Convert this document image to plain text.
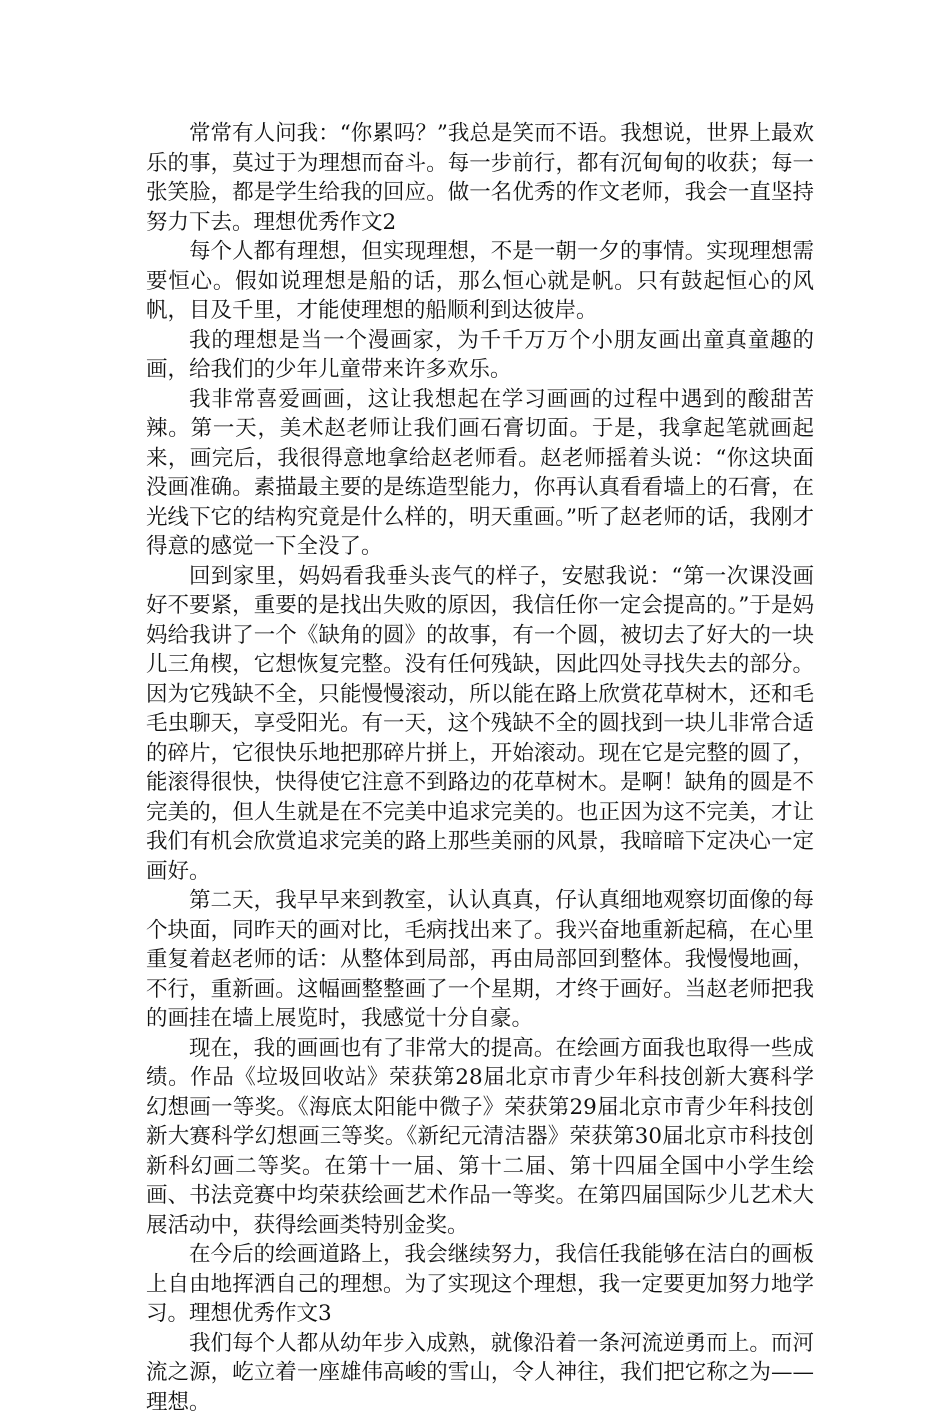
常常有人问我：“你累吗？”我总是笑而不语。我想说，世界上最欢乐的事，莫过于为理想而奋斗。每一步前行，都有沉甸甸的收获；每一张笑脸，都是学生给我的回应。做一名优秀的作文老师，我会一直坚持努力下去。理想优秀作文2

每个人都有理想，但实现理想，不是一朝一夕的事情。实现理想需要恒心。假如说理想是船的话，那么恒心就是帆。只有鼓起恒心的风帆，目及千里，才能使理想的船顺利到达彼岸。

我的理想是当一个漫画家，为千千万万个小朋友画出童真童趣的画，给我们的少年儿童带来许多欢乐。

我非常喜爱画画，这让我想起在学习画画的过程中遇到的酸甜苦辣。第一天，美术赵老师让我们画石膏切面。于是，我拿起笔就画起来，画完后，我很得意地拿给赵老师看。赵老师摇着头说：“你这块面没画准确。素描最主要的是练造型能力，你再认真看看墙上的石膏，在光线下它的结构究竟是什么样的，明天重画。”听了赵老师的话，我刚才得意的感觉一下全没了。

回到家里，妈妈看我垂头丧气的样子，安慰我说：“第一次课没画好不要紧，重要的是找出失败的原因，我信任你一定会提高的。”于是妈妈给我讲了一个《缺角的圆》的故事，有一个圆，被切去了好大的一块儿三角楔，它想恢复完整。没有任何残缺，因此四处寻找失去的部分。因为它残缺不全，只能慢慢滚动，所以能在路上欣赏花草树木，还和毛毛虫聊天，享受阳光。有一天，这个残缺不全的圆找到一块儿非常合适的碎片，它很快乐地把那碎片拼上，开始滚动。现在它是完整的圆了，能滚得很快，快得使它注意不到路边的花草树木。是啊！缺角的圆是不完美的，但人生就是在不完美中追求完美的。也正因为这不完美，才让我们有机会欣赏追求完美的路上那些美丽的风景，我暗暗下定决心一定画好。

第二天，我早早来到教室，认认真真，仔认真细地观察切面像的每个块面，同昨天的画对比，毛病找出来了。我兴奋地重新起稿，在心里重复着赵老师的话：从整体到局部，再由局部回到整体。我慢慢地画，不行，重新画。这幅画整整画了一个星期，才终于画好。当赵老师把我的画挂在墙上展览时，我感觉十分自豪。

现在，我的画画也有了非常大的提高。在绘画方面我也取得一些成绩。作品《垃圾回收站》荣获第28届北京市青少年科技创新大赛科学幻想画一等奖。《海底太阳能中微子》荣获第29届北京市青少年科技创新大赛科学幻想画三等奖。《新纪元清洁器》荣获第30届北京市科技创新科幻画二等奖。在第十一届、第十二届、第十四届全国中小学生绘画、书法竞赛中均荣获绘画艺术作品一等奖。在第四届国际少儿艺术大展活动中，获得绘画类特别金奖。

在今后的绘画道路上，我会继续努力，我信任我能够在洁白的画板上自由地挥洒自己的理想。为了实现这个理想，我一定要更加努力地学习。理想优秀作文3

我们每个人都从幼年步入成熟，就像沿着一条河流逆勇而上。而河流之源，屹立着一座雄伟高峻的雪山，令人神往，我们把它称之为——理想。
